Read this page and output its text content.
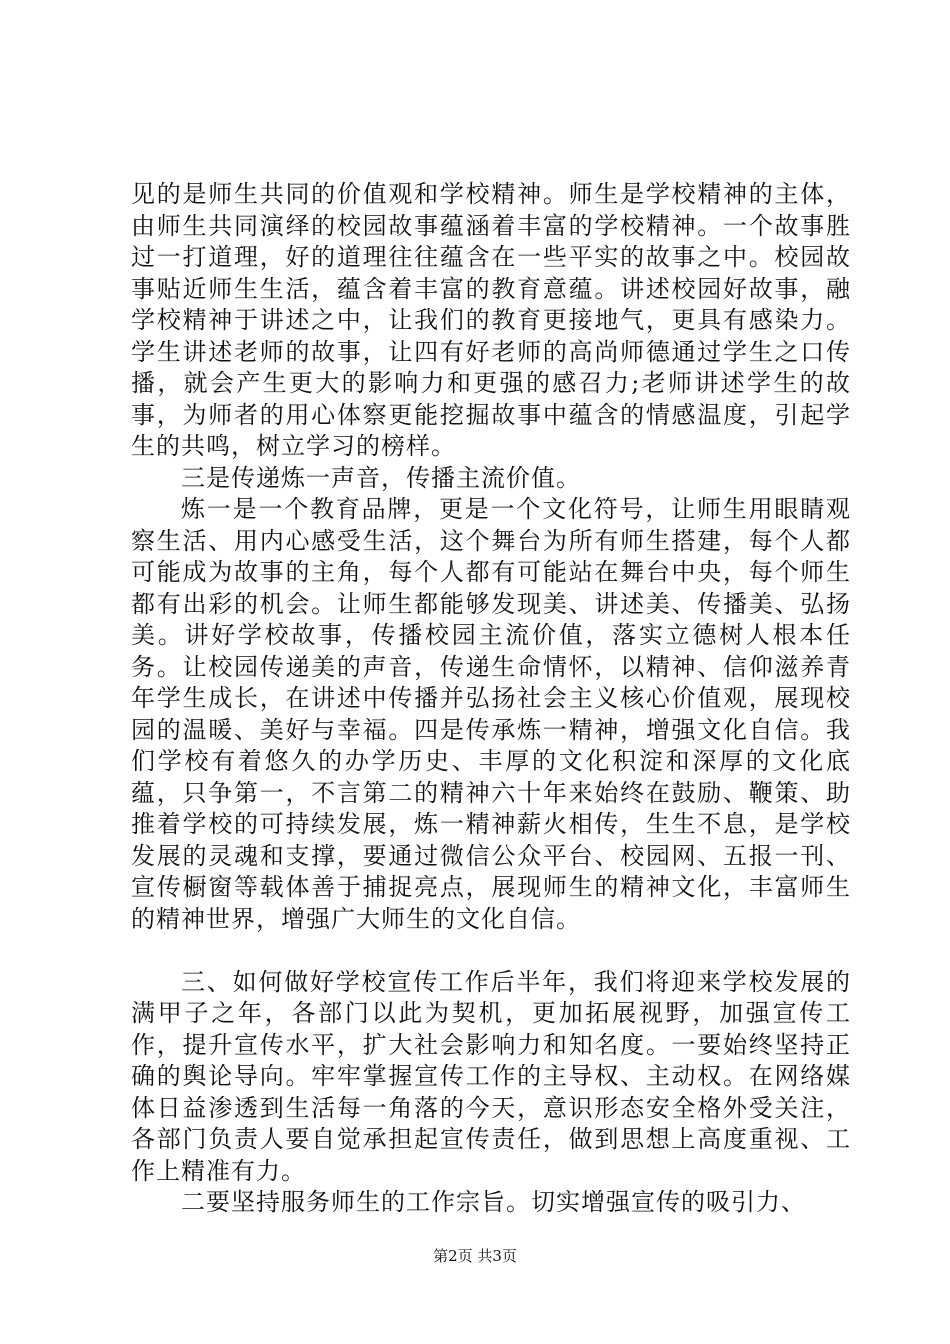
见的是师生共同的价值观和学校精神。师生是学校精神的主体，由师生共同演绎的校园故事蕴涵着丰富的学校精神。一个故事胜过一打道理，好的道理往往蕴含在一些平实的故事之中。校园故事贴近师生生活，蕴含着丰富的教育意蕴。讲述校园好故事，融学校精神于讲述之中，让我们的教育更接地气，更具有感染力。学生讲述老师的故事，让四有好老师的高尚师德通过学生之口传播，就会产生更大的影响力和更强的感召力;老师讲述学生的故事，为师者的用心体察更能挖掘故事中蕴含的情感温度，引起学生的共鸣，树立学习的榜样。

三是传递炼一声音，传播主流价值。

炼一是一个教育品牌，更是一个文化符号，让师生用眼睛观察生活、用内心感受生活，这个舞台为所有师生搭建，每个人都可能成为故事的主角，每个人都有可能站在舞台中央，每个师生都有出彩的机会。让师生都能够发现美、讲述美、传播美、弘扬美。讲好学校故事，传播校园主流价值，落实立德树人根本任务。让校园传递美的声音，传递生命情怀，以精神、信仰滋养青年学生成长，在讲述中传播并弘扬社会主义核心价值观，展现校园的温暖、美好与幸福。四是传承炼一精神，增强文化自信。我们学校有着悠久的办学历史、丰厚的文化积淀和深厚的文化底蕴，只争第一，不言第二的精神六十年来始终在鼓励、鞭策、助推着学校的可持续发展，炼一精神薪火相传，生生不息，是学校发展的灵魂和支撑，要通过微信公众平台、校园网、五报一刊、宣传橱窗等载体善于捕捉亮点，展现师生的精神文化，丰富师生的精神世界，增强广大师生的文化自信。

三、如何做好学校宣传工作后半年，我们将迎来学校发展的满甲子之年，各部门以此为契机，更加拓展视野，加强宣传工作，提升宣传水平，扩大社会影响力和知名度。一要始终坚持正确的舆论导向。牢牢掌握宣传工作的主导权、主动权。在网络媒体日益渗透到生活每一角落的今天，意识形态安全格外受关注，各部门负责人要自觉承担起宣传责任，做到思想上高度重视、工作上精准有力。

二要坚持服务师生的工作宗旨。切实增强宣传的吸引力、

第2页 共3页
